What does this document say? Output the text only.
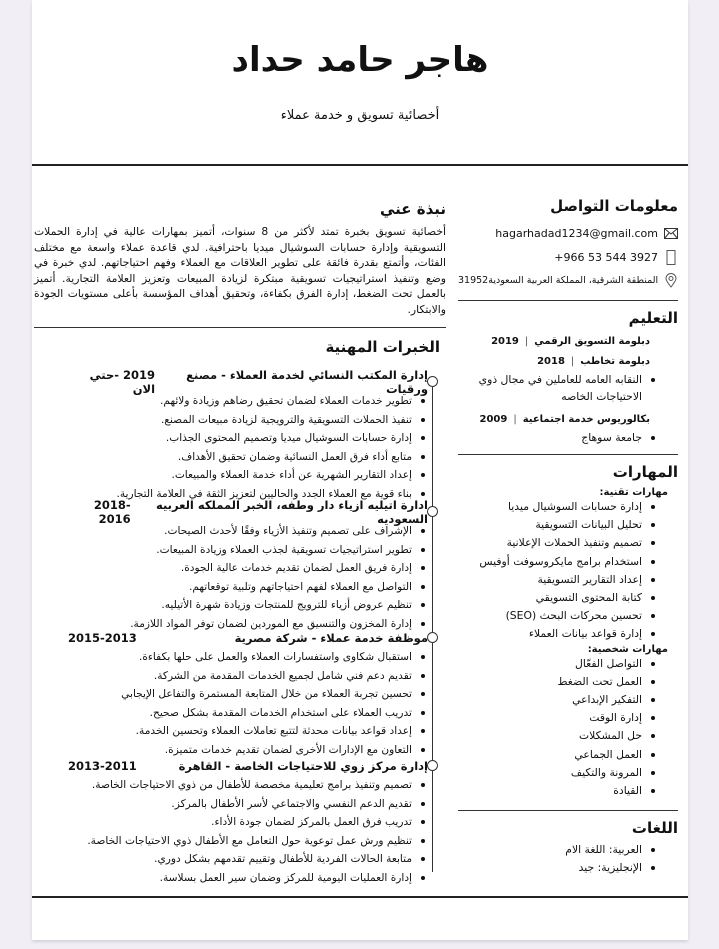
هاجر حامد حداد
أخصائية تسويق و خدمة عملاء
نبذة عني
أخصائية تسويق بخبرة تمتد لأكثر من 8 سنوات، أتميز بمهارات عالية في إدارة الحملات التسويقية وإدارة حسابات السوشيال ميديا باحترافية. لدي قاعدة عملاء واسعة مع مختلف الفئات، وأتمتع بقدرة فائقة على تطوير العلاقات مع العملاء وفهم احتياجاتهم. لدي خبرة في وضع وتنفيذ استراتيجيات تسويقية مبتكرة لزيادة المبيعات وتعزيز العلامة التجارية. أتميز بالعمل تحت الضغط، إدارة الفرق بكفاءة، وتحقيق أهداف المؤسسة بأعلى مستويات الجودة والابتكار.
الخبرات المهنية
معلومات التواصل
hagarhadad1234@gmail.com
+966 53 544 3927
المنطقة الشرقية، المملكة العربية السعودية31952
التعليم
دبلومة التسويق الرقمي|2019
دبلومة تخاطب|2018
النقابه العامه للعاملين في مجال ذوي الاحتياجات الخاصه
بكالوريوس خدمة اجتماعية|2009
جامعة سوهاج
المهارات
مهارات تقنية:
إدارة حسابات السوشيال ميديا
تحليل البيانات التسويقية
تصميم وتنفيذ الحملات الإعلانية
استخدام برامج مايكروسوفت أوفيس
إعداد التقارير التسويقية
كتابة المحتوى التسويقي
تحسين محركات البحث (SEO)
إدارة قواعد بيانات العملاء
مهارات شخصية:
التواصل الفعّال
العمل تحت الضغط
التفكير الإبداعي
إدارة الوقت
حل المشكلات
العمل الجماعي
المرونة والتكيف
القيادة
اللغات
العربية: اللغة الام
الإنجليزية: جيد
إدارة المكتب النسائي لخدمة العملاء - مصنع ورقيات
2019 -حتي الان
تطوير خدمات العملاء لضمان تحقيق رضاهم وزيادة ولائهم.
تنفيذ الحملات التسويقية والترويجية لزيادة مبيعات المصنع.
إدارة حسابات السوشيال ميديا وتصميم المحتوى الجذاب.
متابع أداء فرق العمل النسائية وضمان تحقيق الأهداف.
إعداد التقارير الشهرية عن أداء خدمة العملاء والمبيعات.
بناء قوية مع العملاء الجدد والحاليين لتعزيز الثقة في العلامة التجارية.
ادارة اتيليه ازياء دار وطفه، الخبر المملكه العربيه السعوديه
2018-2016
الإشراف على تصميم وتنفيذ الأزياء وفقًا لأحدث الصيحات.
تطوير استراتيجيات تسويقية لجذب العملاء وزيادة المبيعات.
إدارة فريق العمل لضمان تقديم خدمات عالية الجودة.
التواصل مع العملاء لفهم احتياجاتهم وتلبية توقعاتهم.
تنظيم عروض أزياء للترويج للمنتجات وزيادة شهرة الأتيليه.
إدارة المخزون والتنسيق مع الموردين لضمان توفر المواد اللازمة.
موظفة خدمة عملاء - شركة مصرية
2015-2013
استقبال شكاوى واستفسارات العملاء والعمل على حلها بكفاءة.
تقديم دعم فني شامل لجميع الخدمات المقدمة من الشركة.
تحسين تجربة العملاء من خلال المتابعة المستمرة والتفاعل الإيجابي
تدريب العملاء على استخدام الخدمات المقدمة بشكل صحيح.
إعداد قواعد بيانات محدثة لتتبع تعاملات العملاء وتحسين الخدمة.
التعاون مع الإدارات الأخرى لضمان تقديم خدمات متميزة.
إدارة مركز زوي للاحتياجات الخاصة - القاهرة
2013-2011
تصميم وتنفيذ برامج تعليمية مخصصة للأطفال من ذوي الاحتياجات الخاصة.
تقديم الدعم النفسي والاجتماعي لأسر الأطفال بالمركز.
تدريب فرق العمل بالمركز لضمان جودة الأداء.
تنظيم ورش عمل توعوية حول التعامل مع الأطفال ذوي الاحتياجات الخاصة.
متابعة الحالات الفردية للأطفال وتقييم تقدمهم بشكل دوري.
إدارة العمليات اليومية للمركز وضمان سير العمل بسلاسة.
